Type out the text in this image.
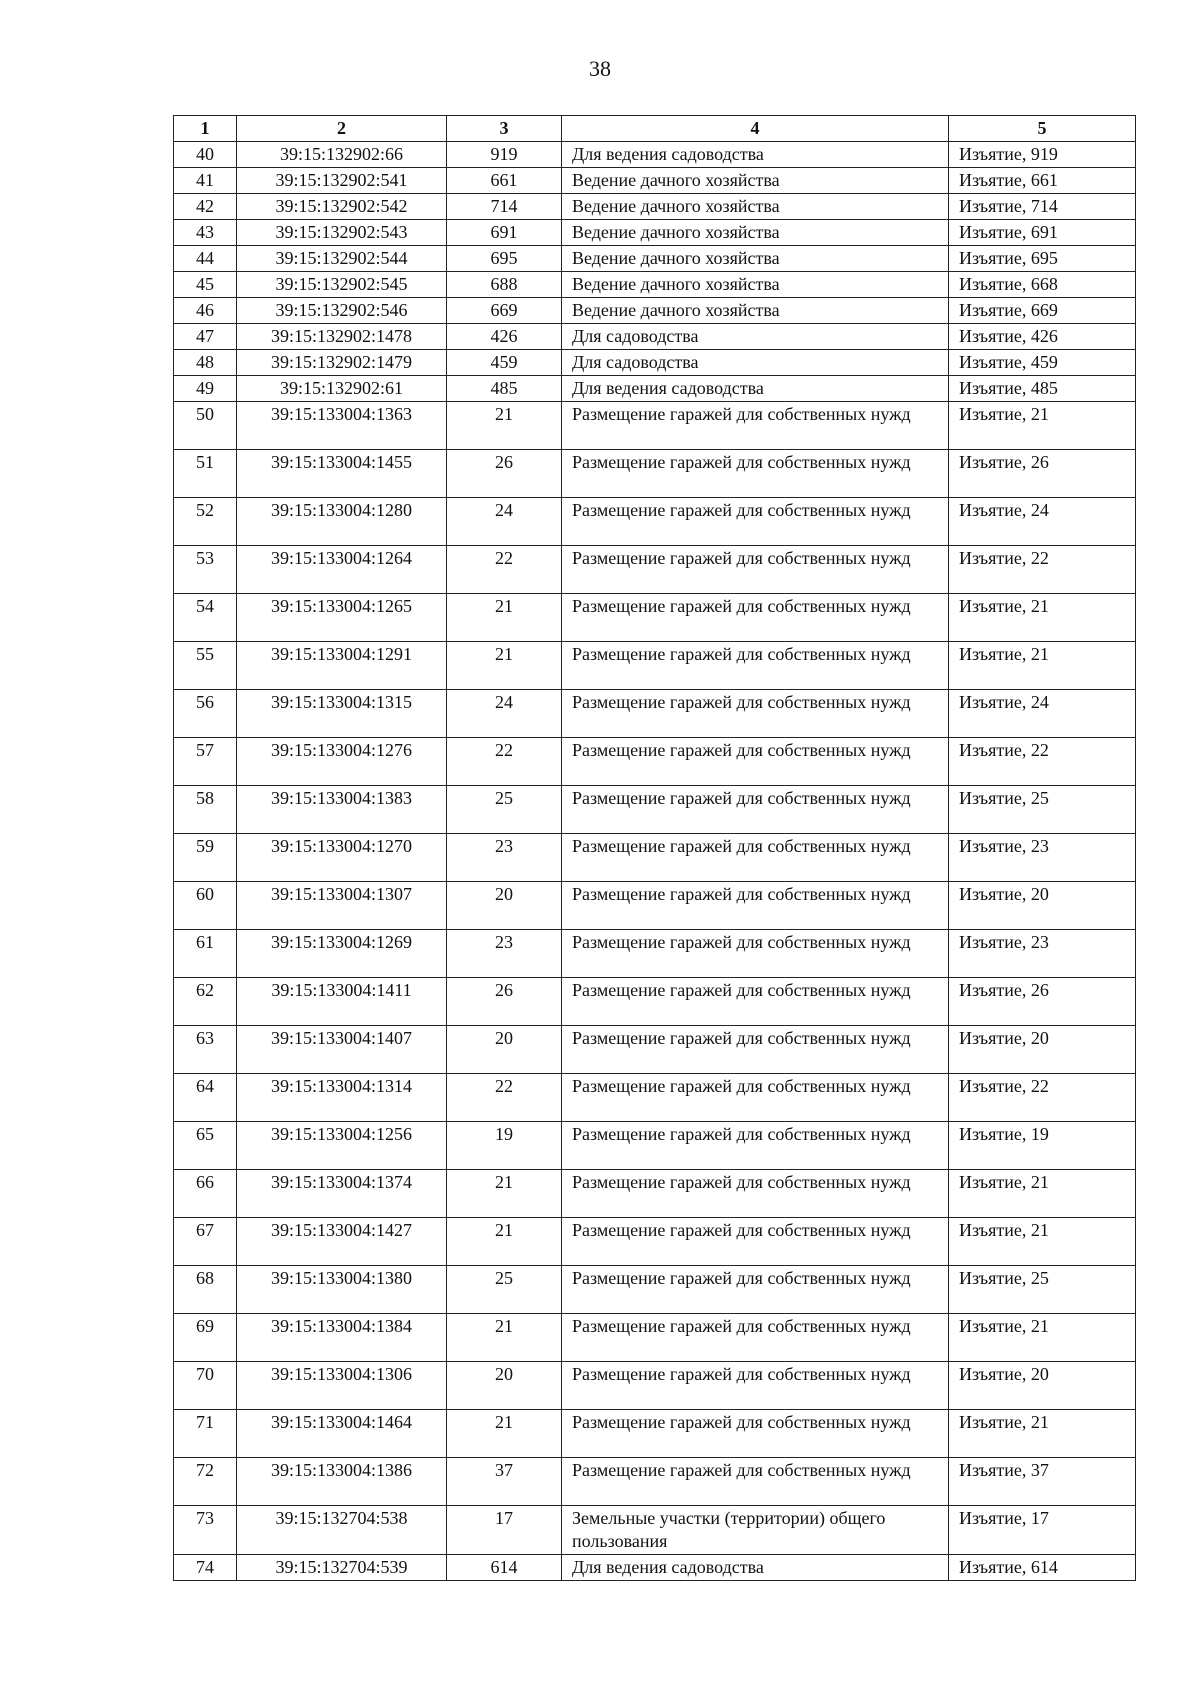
38
1	2	3	4	5
40	39:15:132902:66	919	Для ведения садоводства	Изъятие, 919
41	39:15:132902:541	661	Ведение дачного хозяйства	Изъятие, 661
42	39:15:132902:542	714	Ведение дачного хозяйства	Изъятие, 714
43	39:15:132902:543	691	Ведение дачного хозяйства	Изъятие, 691
44	39:15:132902:544	695	Ведение дачного хозяйства	Изъятие, 695
45	39:15:132902:545	688	Ведение дачного хозяйства	Изъятие, 668
46	39:15:132902:546	669	Ведение дачного хозяйства	Изъятие, 669
47	39:15:132902:1478	426	Для садоводства	Изъятие, 426
48	39:15:132902:1479	459	Для садоводства	Изъятие, 459
49	39:15:132902:61	485	Для ведения садоводства	Изъятие, 485
50	39:15:133004:1363	21	Размещение гаражей для собственных нужд	Изъятие, 21
51	39:15:133004:1455	26	Размещение гаражей для собственных нужд	Изъятие, 26
52	39:15:133004:1280	24	Размещение гаражей для собственных нужд	Изъятие, 24
53	39:15:133004:1264	22	Размещение гаражей для собственных нужд	Изъятие, 22
54	39:15:133004:1265	21	Размещение гаражей для собственных нужд	Изъятие, 21
55	39:15:133004:1291	21	Размещение гаражей для собственных нужд	Изъятие, 21
56	39:15:133004:1315	24	Размещение гаражей для собственных нужд	Изъятие, 24
57	39:15:133004:1276	22	Размещение гаражей для собственных нужд	Изъятие, 22
58	39:15:133004:1383	25	Размещение гаражей для собственных нужд	Изъятие, 25
59	39:15:133004:1270	23	Размещение гаражей для собственных нужд	Изъятие, 23
60	39:15:133004:1307	20	Размещение гаражей для собственных нужд	Изъятие, 20
61	39:15:133004:1269	23	Размещение гаражей для собственных нужд	Изъятие, 23
62	39:15:133004:1411	26	Размещение гаражей для собственных нужд	Изъятие, 26
63	39:15:133004:1407	20	Размещение гаражей для собственных нужд	Изъятие, 20
64	39:15:133004:1314	22	Размещение гаражей для собственных нужд	Изъятие, 22
65	39:15:133004:1256	19	Размещение гаражей для собственных нужд	Изъятие, 19
66	39:15:133004:1374	21	Размещение гаражей для собственных нужд	Изъятие, 21
67	39:15:133004:1427	21	Размещение гаражей для собственных нужд	Изъятие, 21
68	39:15:133004:1380	25	Размещение гаражей для собственных нужд	Изъятие, 25
69	39:15:133004:1384	21	Размещение гаражей для собственных нужд	Изъятие, 21
70	39:15:133004:1306	20	Размещение гаражей для собственных нужд	Изъятие, 20
71	39:15:133004:1464	21	Размещение гаражей для собственных нужд	Изъятие, 21
72	39:15:133004:1386	37	Размещение гаражей для собственных нужд	Изъятие, 37
73	39:15:132704:538	17	Земельные участки (территории) общего пользования	Изъятие, 17
74	39:15:132704:539	614	Для ведения садоводства	Изъятие, 614
